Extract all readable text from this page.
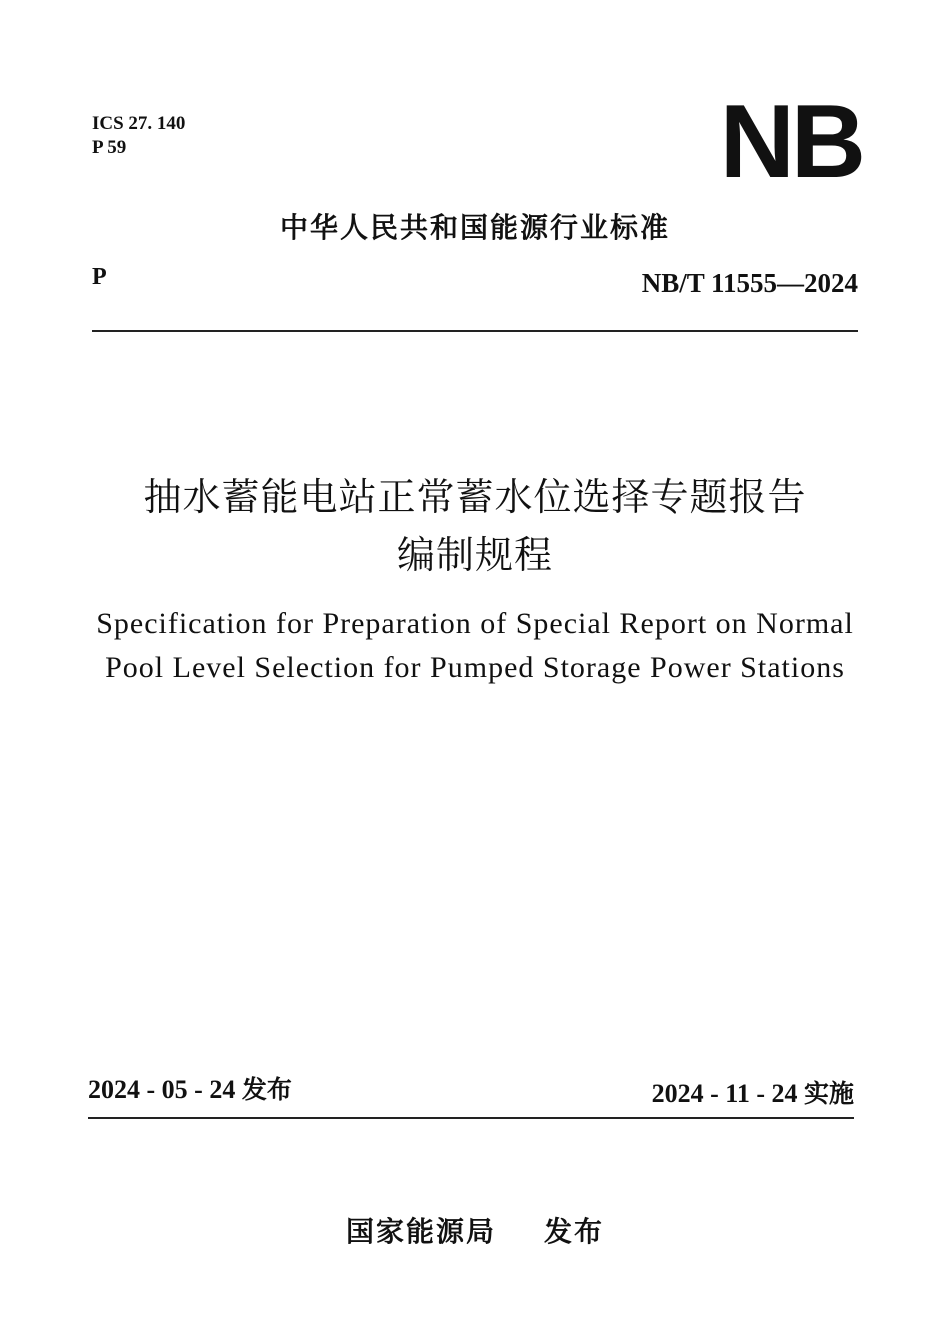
ICS 27. 140
P 59	NB
中华人民共和国能源行业标准
P	NB/T 11555—2024
抽水蓄能电站正常蓄水位选择专题报告
编制规程
Specification for Preparation of Special Report on Normal
Pool Level Selection for Pumped Storage Power Stations
2024 - 05 - 24 发布	2024 - 11 - 24 实施
国家能源局 发布
